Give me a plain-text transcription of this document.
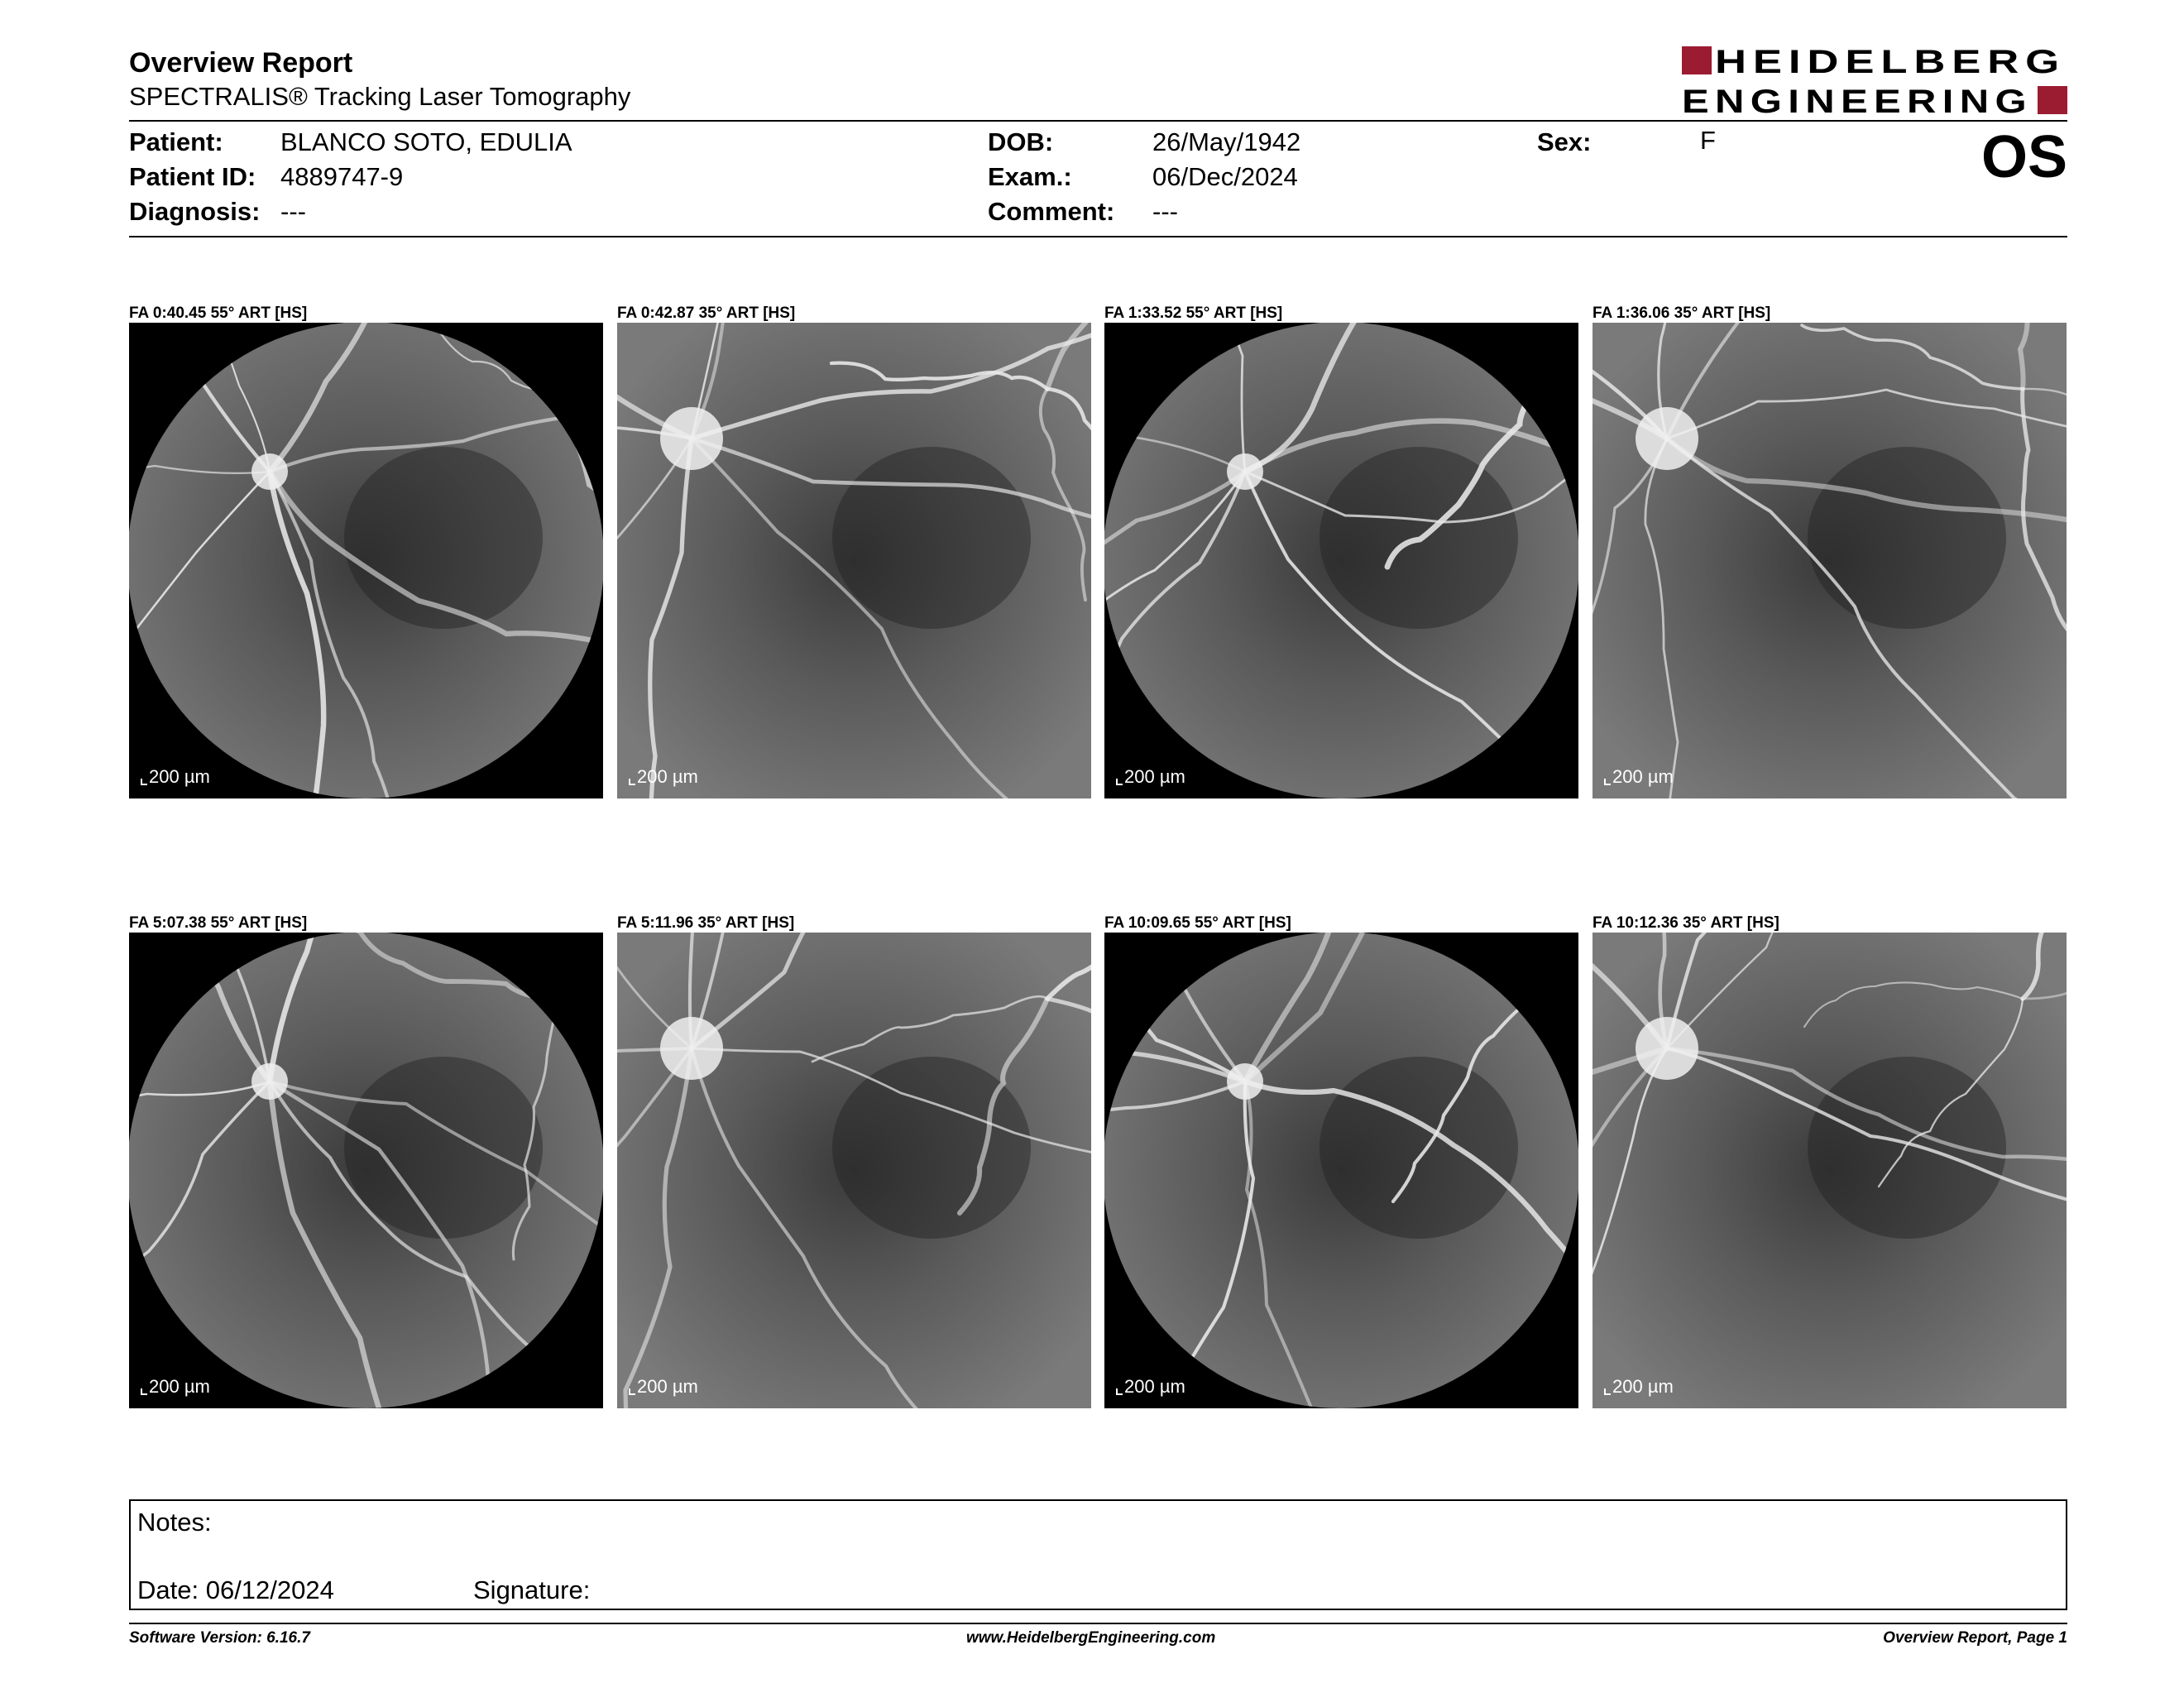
Overview Report
SPECTRALIS® Tracking Laser Tomography
HEIDELBERG
ENGINEERING
Patient: BLANCO SOTO, EDULIA
Patient ID: 4889747-9
Diagnosis: ---
DOB:	26/May/1942
Exam.:	06/Dec/2024
Comment: ---
Sex:	F	OS
FA 0:40.45 55° ART [HS]
200 µm
FA 0:42.87 35° ART [HS]
200 µm
FA 1:33.52 55° ART [HS]
200 µm
FA 1:36.06 35° ART [HS]
200 µm
FA 5:07.38 55° ART [HS]
200 µm
FA 5:11.96 35° ART [HS]
200 µm
FA 10:09.65 55° ART [HS]
200 µm
FA 10:12.36 35° ART [HS]
200 µm
Notes:
Date: 06/12/2024	Signature:
Software Version: 6.16.7	www.HeidelbergEngineering.com	Overview Report, Page 1
